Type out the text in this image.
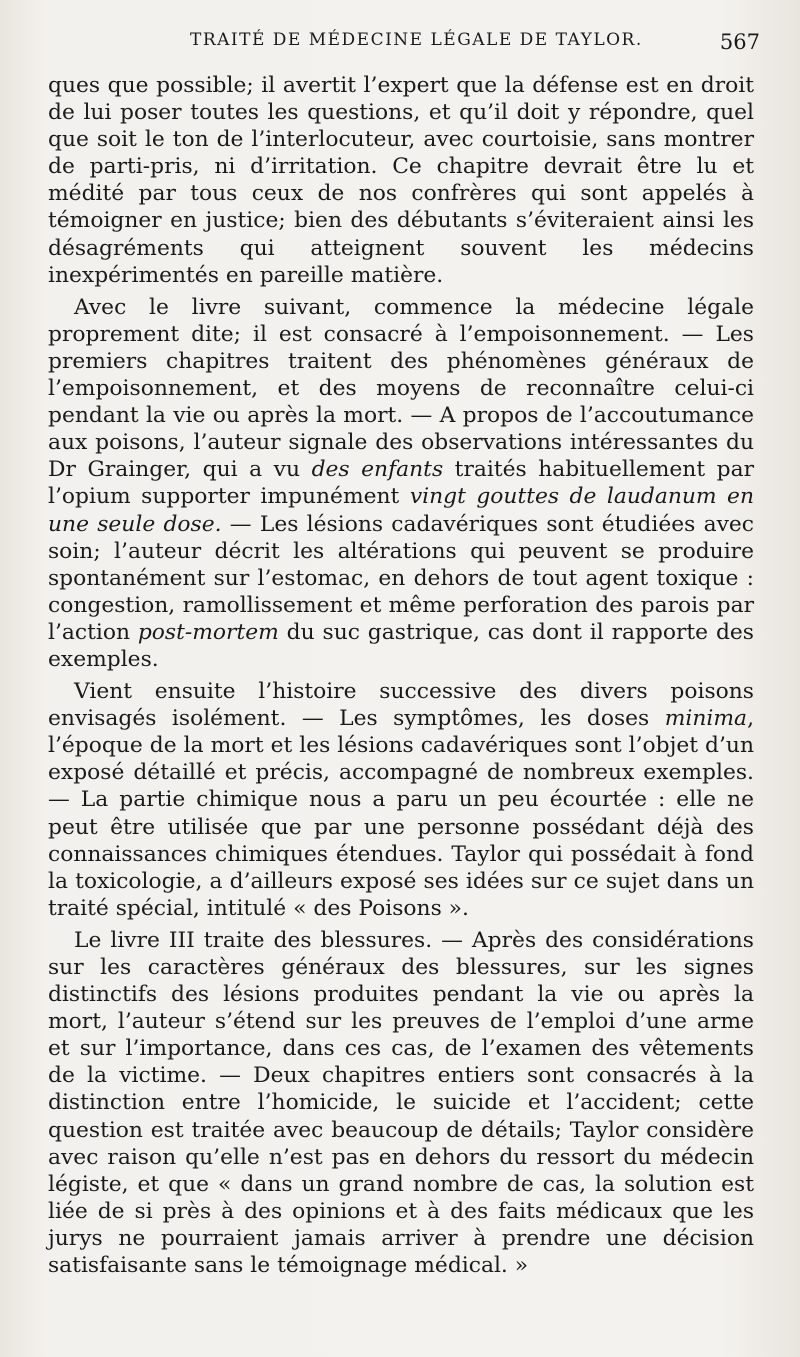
TRAITÉ DE MÉDECINE LÉGALE DE TAYLOR.	567

ques que possible; il avertit l’expert que la défense est en droit de lui poser toutes les questions, et qu’il doit y répondre, quel que soit le ton de l’interlocuteur, avec courtoisie, sans montrer de parti-pris, ni d’irritation. Ce chapitre devrait être lu et médité par tous ceux de nos confrères qui sont appelés à témoigner en justice; bien des débutants s’éviteraient ainsi les désagréments qui atteignent souvent les médecins inexpérimentés en pareille matière.

Avec le livre suivant, commence la médecine légale proprement dite; il est consacré à l’empoisonnement. — Les premiers chapitres traitent des phénomènes généraux de l’empoisonnement, et des moyens de reconnaître celui-ci pendant la vie ou après la mort. — A propos de l’accoutumance aux poisons, l’auteur signale des observations intéressantes du Dr Grainger, qui a vu des enfants traités habituellement par l’opium supporter impunément vingt gouttes de laudanum en une seule dose. — Les lésions cadavériques sont étudiées avec soin; l’auteur décrit les altérations qui peuvent se produire spontanément sur l’estomac, en dehors de tout agent toxique : congestion, ramollissement et même perforation des parois par l’action post-mortem du suc gastrique, cas dont il rapporte des exemples.

Vient ensuite l’histoire successive des divers poisons envisagés isolément. — Les symptômes, les doses minima, l’époque de la mort et les lésions cadavériques sont l’objet d’un exposé détaillé et précis, accompagné de nombreux exemples. — La partie chimique nous a paru un peu écourtée : elle ne peut être utilisée que par une personne possédant déjà des connaissances chimiques étendues. Taylor qui possédait à fond la toxicologie, a d’ailleurs exposé ses idées sur ce sujet dans un traité spécial, intitulé « des Poisons ».

Le livre III traite des blessures. — Après des considérations sur les caractères généraux des blessures, sur les signes distinctifs des lésions produites pendant la vie ou après la mort, l’auteur s’étend sur les preuves de l’emploi d’une arme et sur l’importance, dans ces cas, de l’examen des vêtements de la victime. — Deux chapitres entiers sont consacrés à la distinction entre l’homicide, le suicide et l’accident; cette question est traitée avec beaucoup de détails; Taylor considère avec raison qu’elle n’est pas en dehors du ressort du médecin légiste, et que « dans un grand nombre de cas, la solution est liée de si près à des opinions et à des faits médicaux que les jurys ne pourraient jamais arriver à prendre une décision satisfaisante sans le témoignage médical. »
